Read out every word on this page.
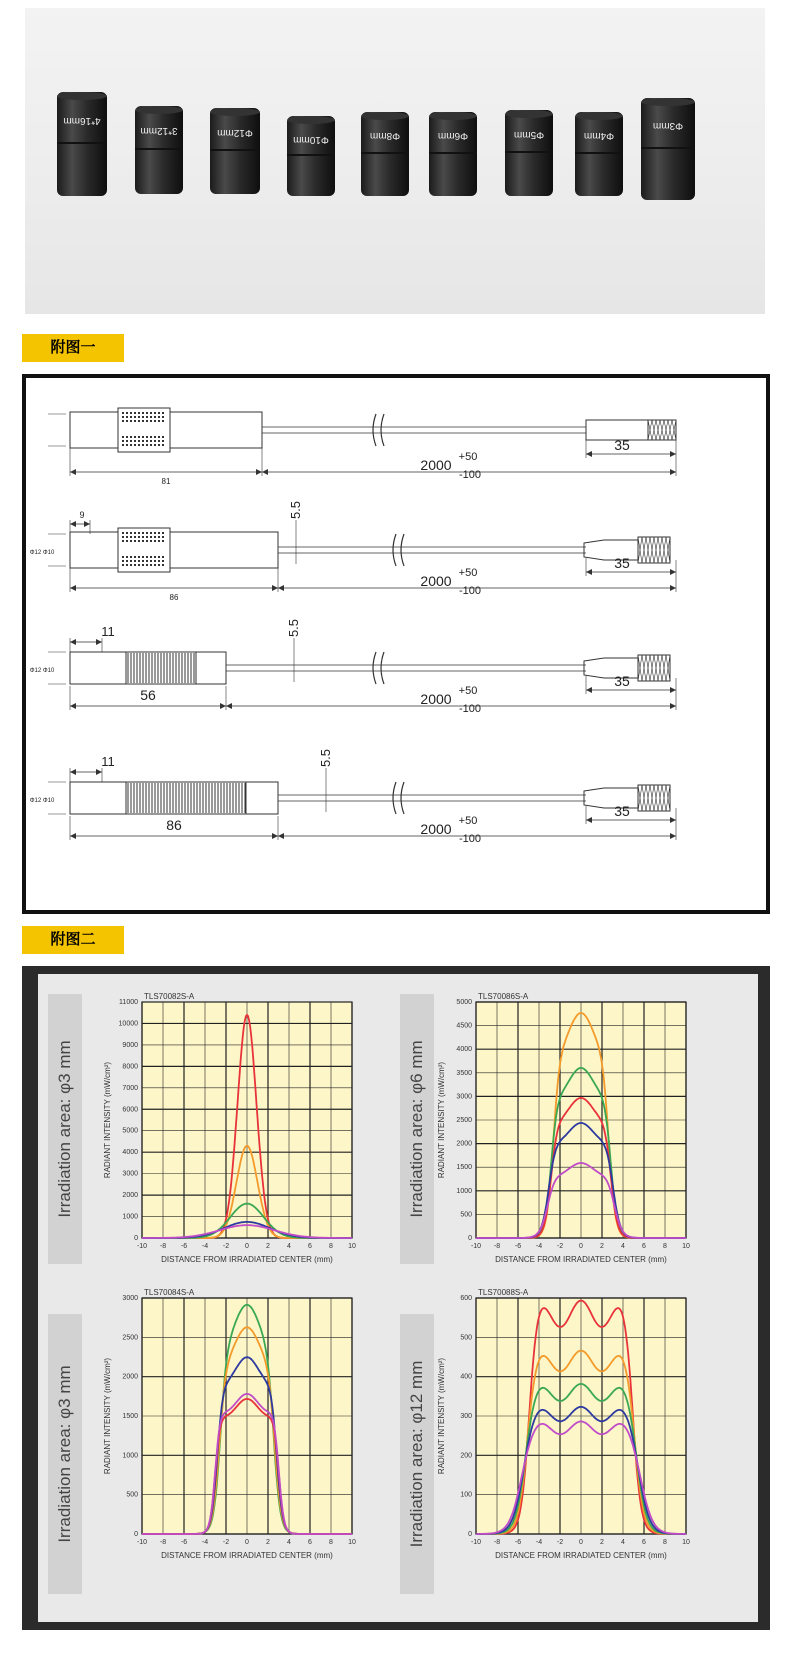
4*16mm
3*12mm	Φ12mm
Φ10mm	Φ8mm	Φ6mm	Φ5mm	Φ4mm
Φ3mm
附图一
81
2000 +50
-100
35
Φ12 Φ10
9	5.5
86
2000 +50
-100
35
Φ12 Φ10
11	5.5
56	2000 +50
-100
35
Φ12 Φ10
11	5.5
86	2000 +50
-100
35
附图二
Irradiation area: φ3 mm	Irradiation area: φ6 mm
Irradiation area: φ3 mm	Irradiation area: φ12 mm
-10 -8 -6 -4 -2 0 2 4 6 8 10
0
1000
2000
3000
4000
5000
6000
7000
8000
9000
10000
11000
TLS70082S-A
DISTANCE FROM IRRADIATED CENTER (mm)
RADIANT INTENSITY (mW/cm²)
-10 -8 -6 -4 -2 0 2 4 6 8 10
0
500
1000
1500
2000
2500
3000
3500
4000
4500
5000
TLS70086S-A
DISTANCE FROM IRRADIATED CENTER (mm)
RADIANT INTENSITY (mW/cm²)
-10 -8 -6 -4 -2 0 2 4 6 8 10
0
500
1000
1500
2000
2500
3000
TLS70084S-A
DISTANCE FROM IRRADIATED CENTER (mm)
RADIANT INTENSITY (mW/cm²)
-10 -8 -6 -4 -2 0 2 4 6 8 10
0
100
200
300
400
500
600
TLS70088S-A
DISTANCE FROM IRRADIATED CENTER (mm)
RADIANT INTENSITY (mW/cm²)
